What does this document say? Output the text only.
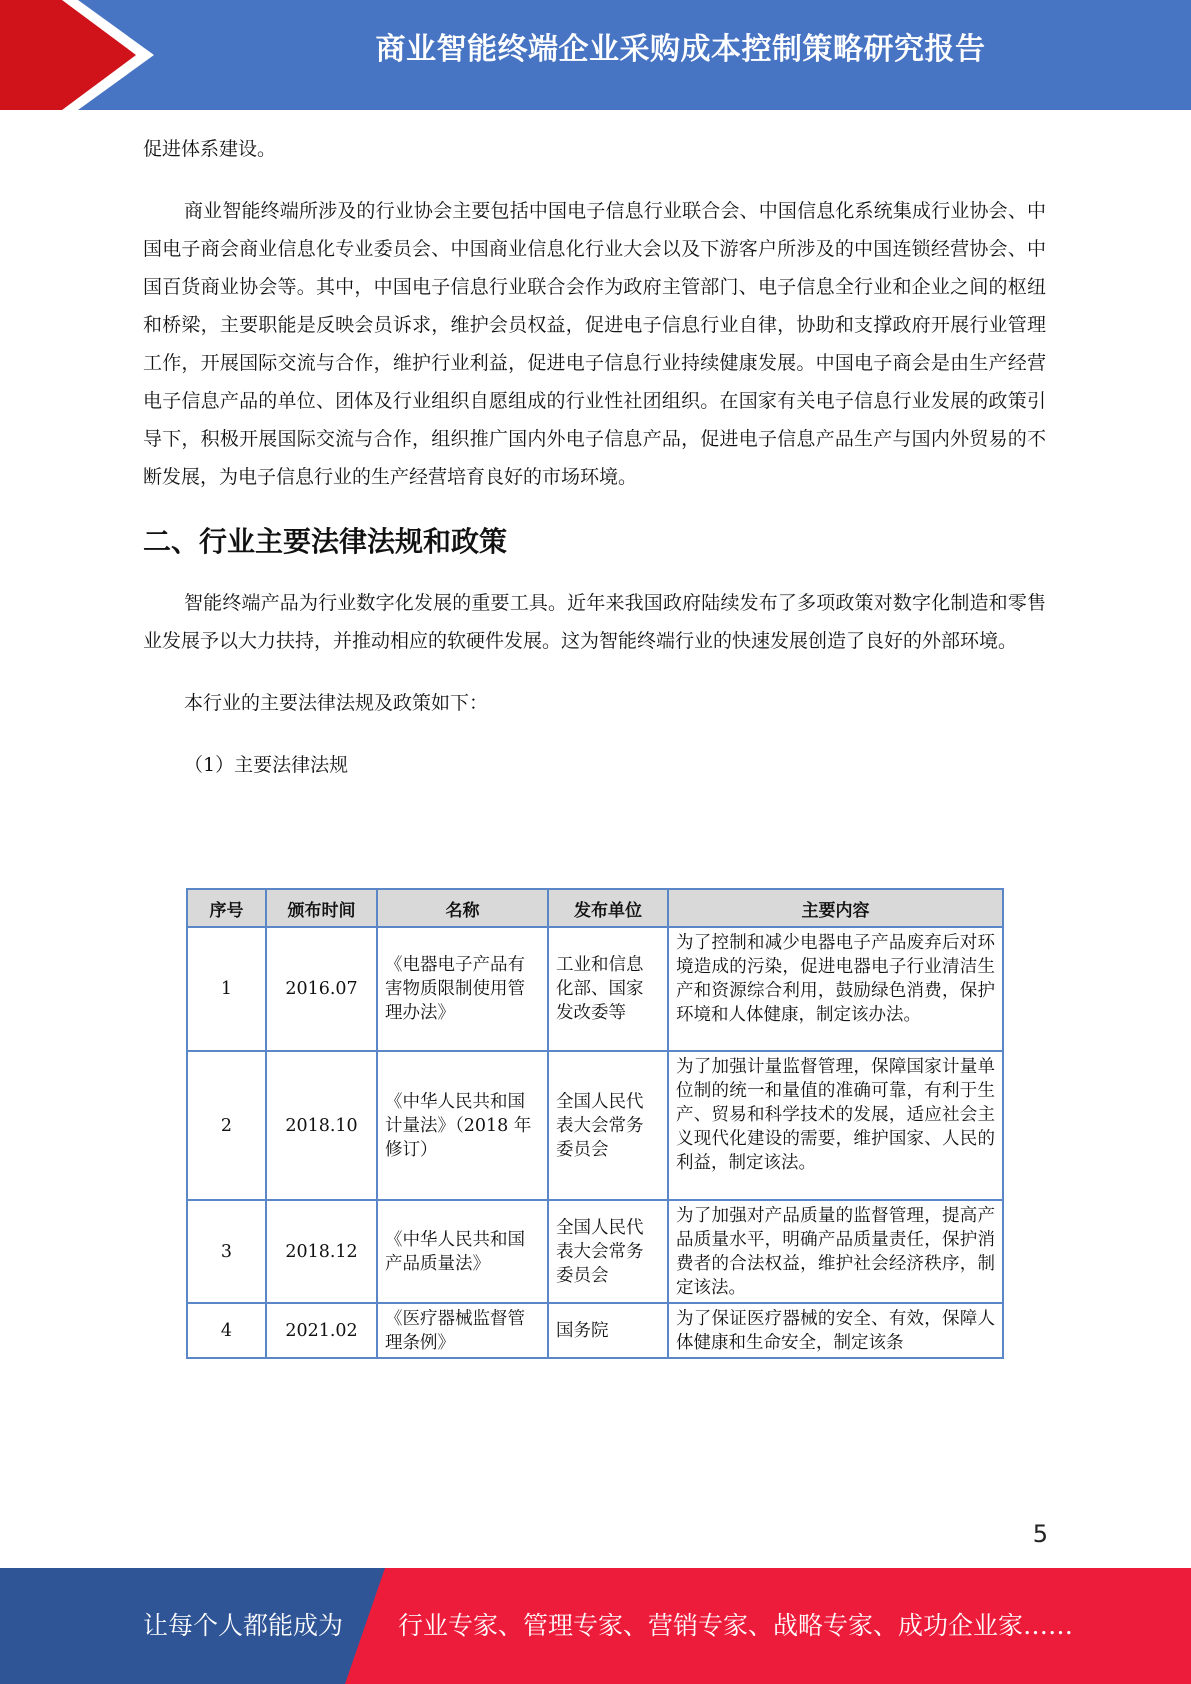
商业智能终端企业采购成本控制策略研究报告

促进体系建设。

商业智能终端所涉及的行业协会主要包括中国电子信息行业联合会、中国信息化系统集成行业协会、中国电子商会商业信息化专业委员会、中国商业信息化行业大会以及下游客户所涉及的中国连锁经营协会、中国百货商业协会等。其中，中国电子信息行业联合会作为政府主管部门、电子信息全行业和企业之间的枢纽和桥梁，主要职能是反映会员诉求，维护会员权益，促进电子信息行业自律，协助和支撑政府开展行业管理工作，开展国际交流与合作，维护行业利益，促进电子信息行业持续健康发展。中国电子商会是由生产经营电子信息产品的单位、团体及行业组织自愿组成的行业性社团组织。在国家有关电子信息行业发展的政策引导下，积极开展国际交流与合作，组织推广国内外电子信息产品，促进电子信息产品生产与国内外贸易的不断发展，为电子信息行业的生产经营培育良好的市场环境。

二、行业主要法律法规和政策

智能终端产品为行业数字化发展的重要工具。近年来我国政府陆续发布了多项政策对数字化制造和零售业发展予以大力扶持，并推动相应的软硬件发展。这为智能终端行业的快速发展创造了良好的外部环境。

本行业的主要法律法规及政策如下：

（1）主要法律法规

序号	颁布时间	名称	发布单位	主要内容
1	2016.07	《电器电子产品有害物质限制使用管理办法》	工业和信息化部、国家发改委等	为了控制和减少电器电子产品废弃后对环境造成的污染，促进电器电子行业清洁生产和资源综合利用，鼓励绿色消费，保护环境和人体健康，制定该办法。
2	2018.10	《中华人民共和国计量法》（2018 年修订）	全国人民代表大会常务委员会	为了加强计量监督管理，保障国家计量单位制的统一和量值的准确可靠，有利于生产、贸易和科学技术的发展，适应社会主义现代化建设的需要，维护国家、人民的利益，制定该法。
3	2018.12	《中华人民共和国产品质量法》	全国人民代表大会常务委员会	为了加强对产品质量的监督管理，提高产品质量水平，明确产品质量责任，保护消费者的合法权益，维护社会经济秩序，制定该法。
4	2021.02	《医疗器械监督管理条例》	国务院	为了保证医疗器械的安全、有效，保障人体健康和生命安全，制定该条
5
让每个人都能成为 行业专家、管理专家、营销专家、战略专家、成功企业家……
